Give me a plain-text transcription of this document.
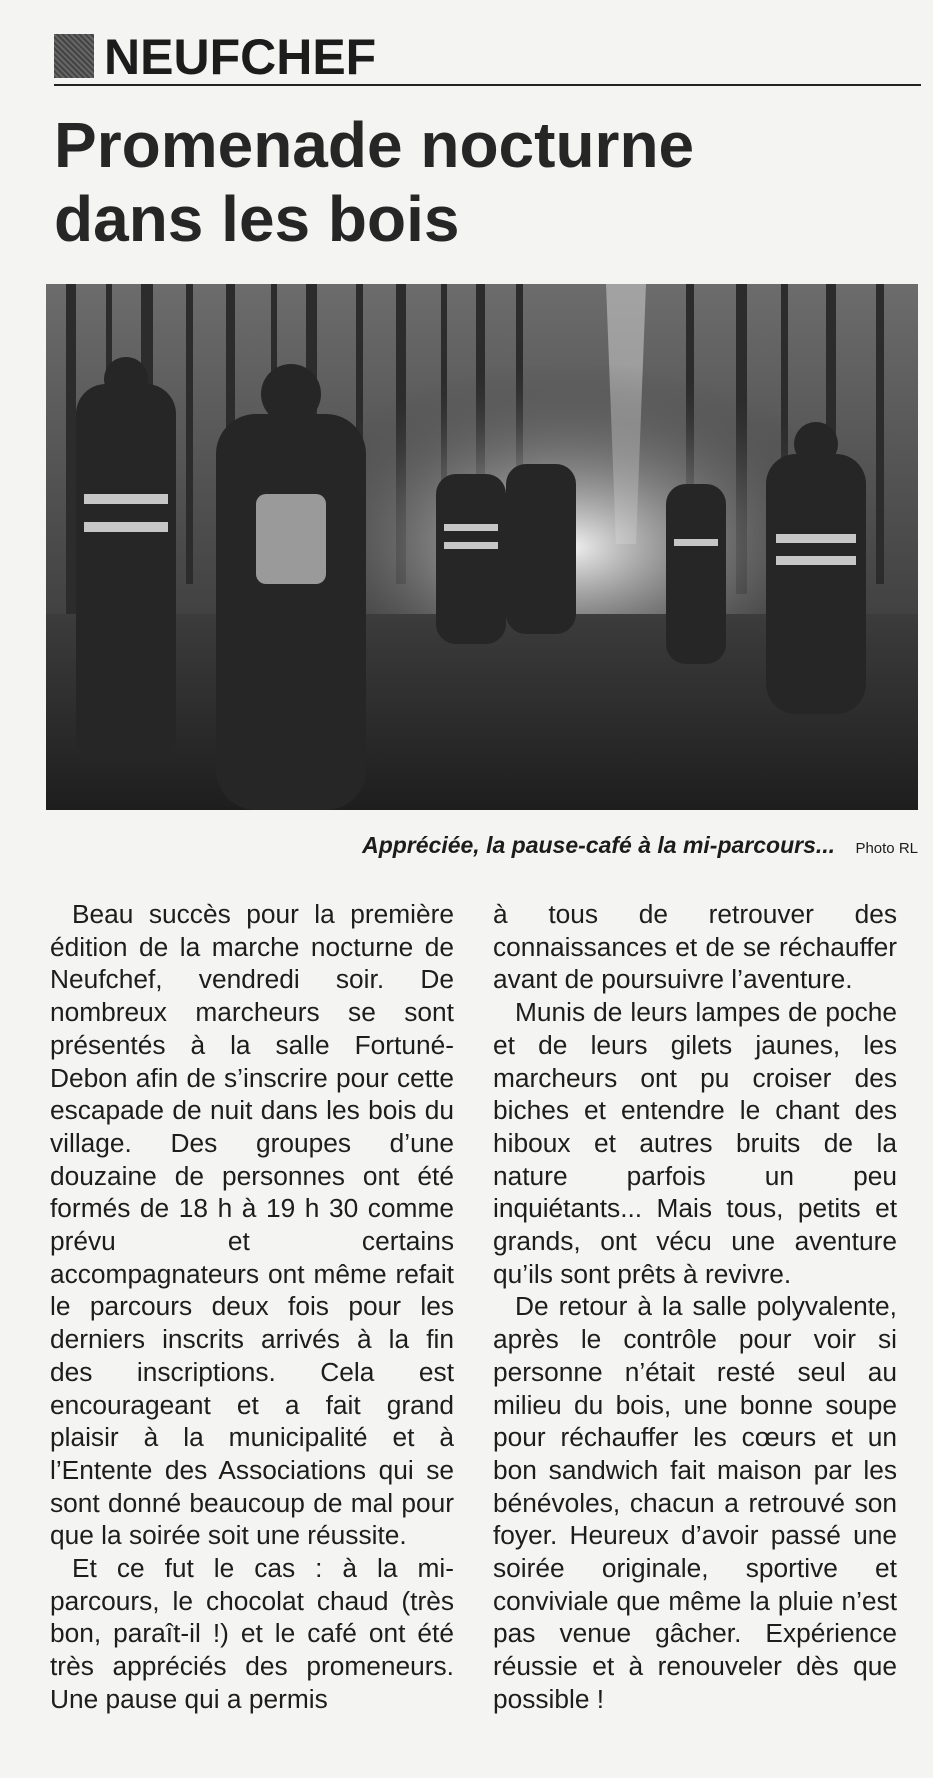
NEUFCHEF
Promenade nocturne
dans les bois
Appréciée, la pause-café à la mi-parcours... Photo RL

Beau succès pour la première édition de la marche nocturne de Neufchef, vendredi soir. De nombreux marcheurs se sont présentés à la salle Fortuné-Debon afin de s’inscrire pour cette escapade de nuit dans les bois du village. Des groupes d’une douzaine de personnes ont été formés de 18 h à 19 h 30 comme prévu et certains accompagnateurs ont même refait le parcours deux fois pour les derniers inscrits arrivés à la fin des inscriptions. Cela est encourageant et a fait grand plaisir à la municipalité et à l’Entente des Associations qui se sont donné beaucoup de mal pour que la soirée soit une réussite.

Et ce fut le cas : à la mi-parcours, le chocolat chaud (très bon, paraît-il !) et le café ont été très appréciés des promeneurs. Une pause qui a permis

à tous de retrouver des connaissances et de se réchauffer avant de poursuivre l’aventure.

Munis de leurs lampes de poche et de leurs gilets jaunes, les marcheurs ont pu croiser des biches et entendre le chant des hiboux et autres bruits de la nature parfois un peu inquiétants... Mais tous, petits et grands, ont vécu une aventure qu’ils sont prêts à revivre.

De retour à la salle polyvalente, après le contrôle pour voir si personne n’était resté seul au milieu du bois, une bonne soupe pour réchauffer les cœurs et un bon sandwich fait maison par les bénévoles, chacun a retrouvé son foyer. Heureux d’avoir passé une soirée originale, sportive et conviviale que même la pluie n’est pas venue gâcher. Expérience réussie et à renouveler dès que possible !
